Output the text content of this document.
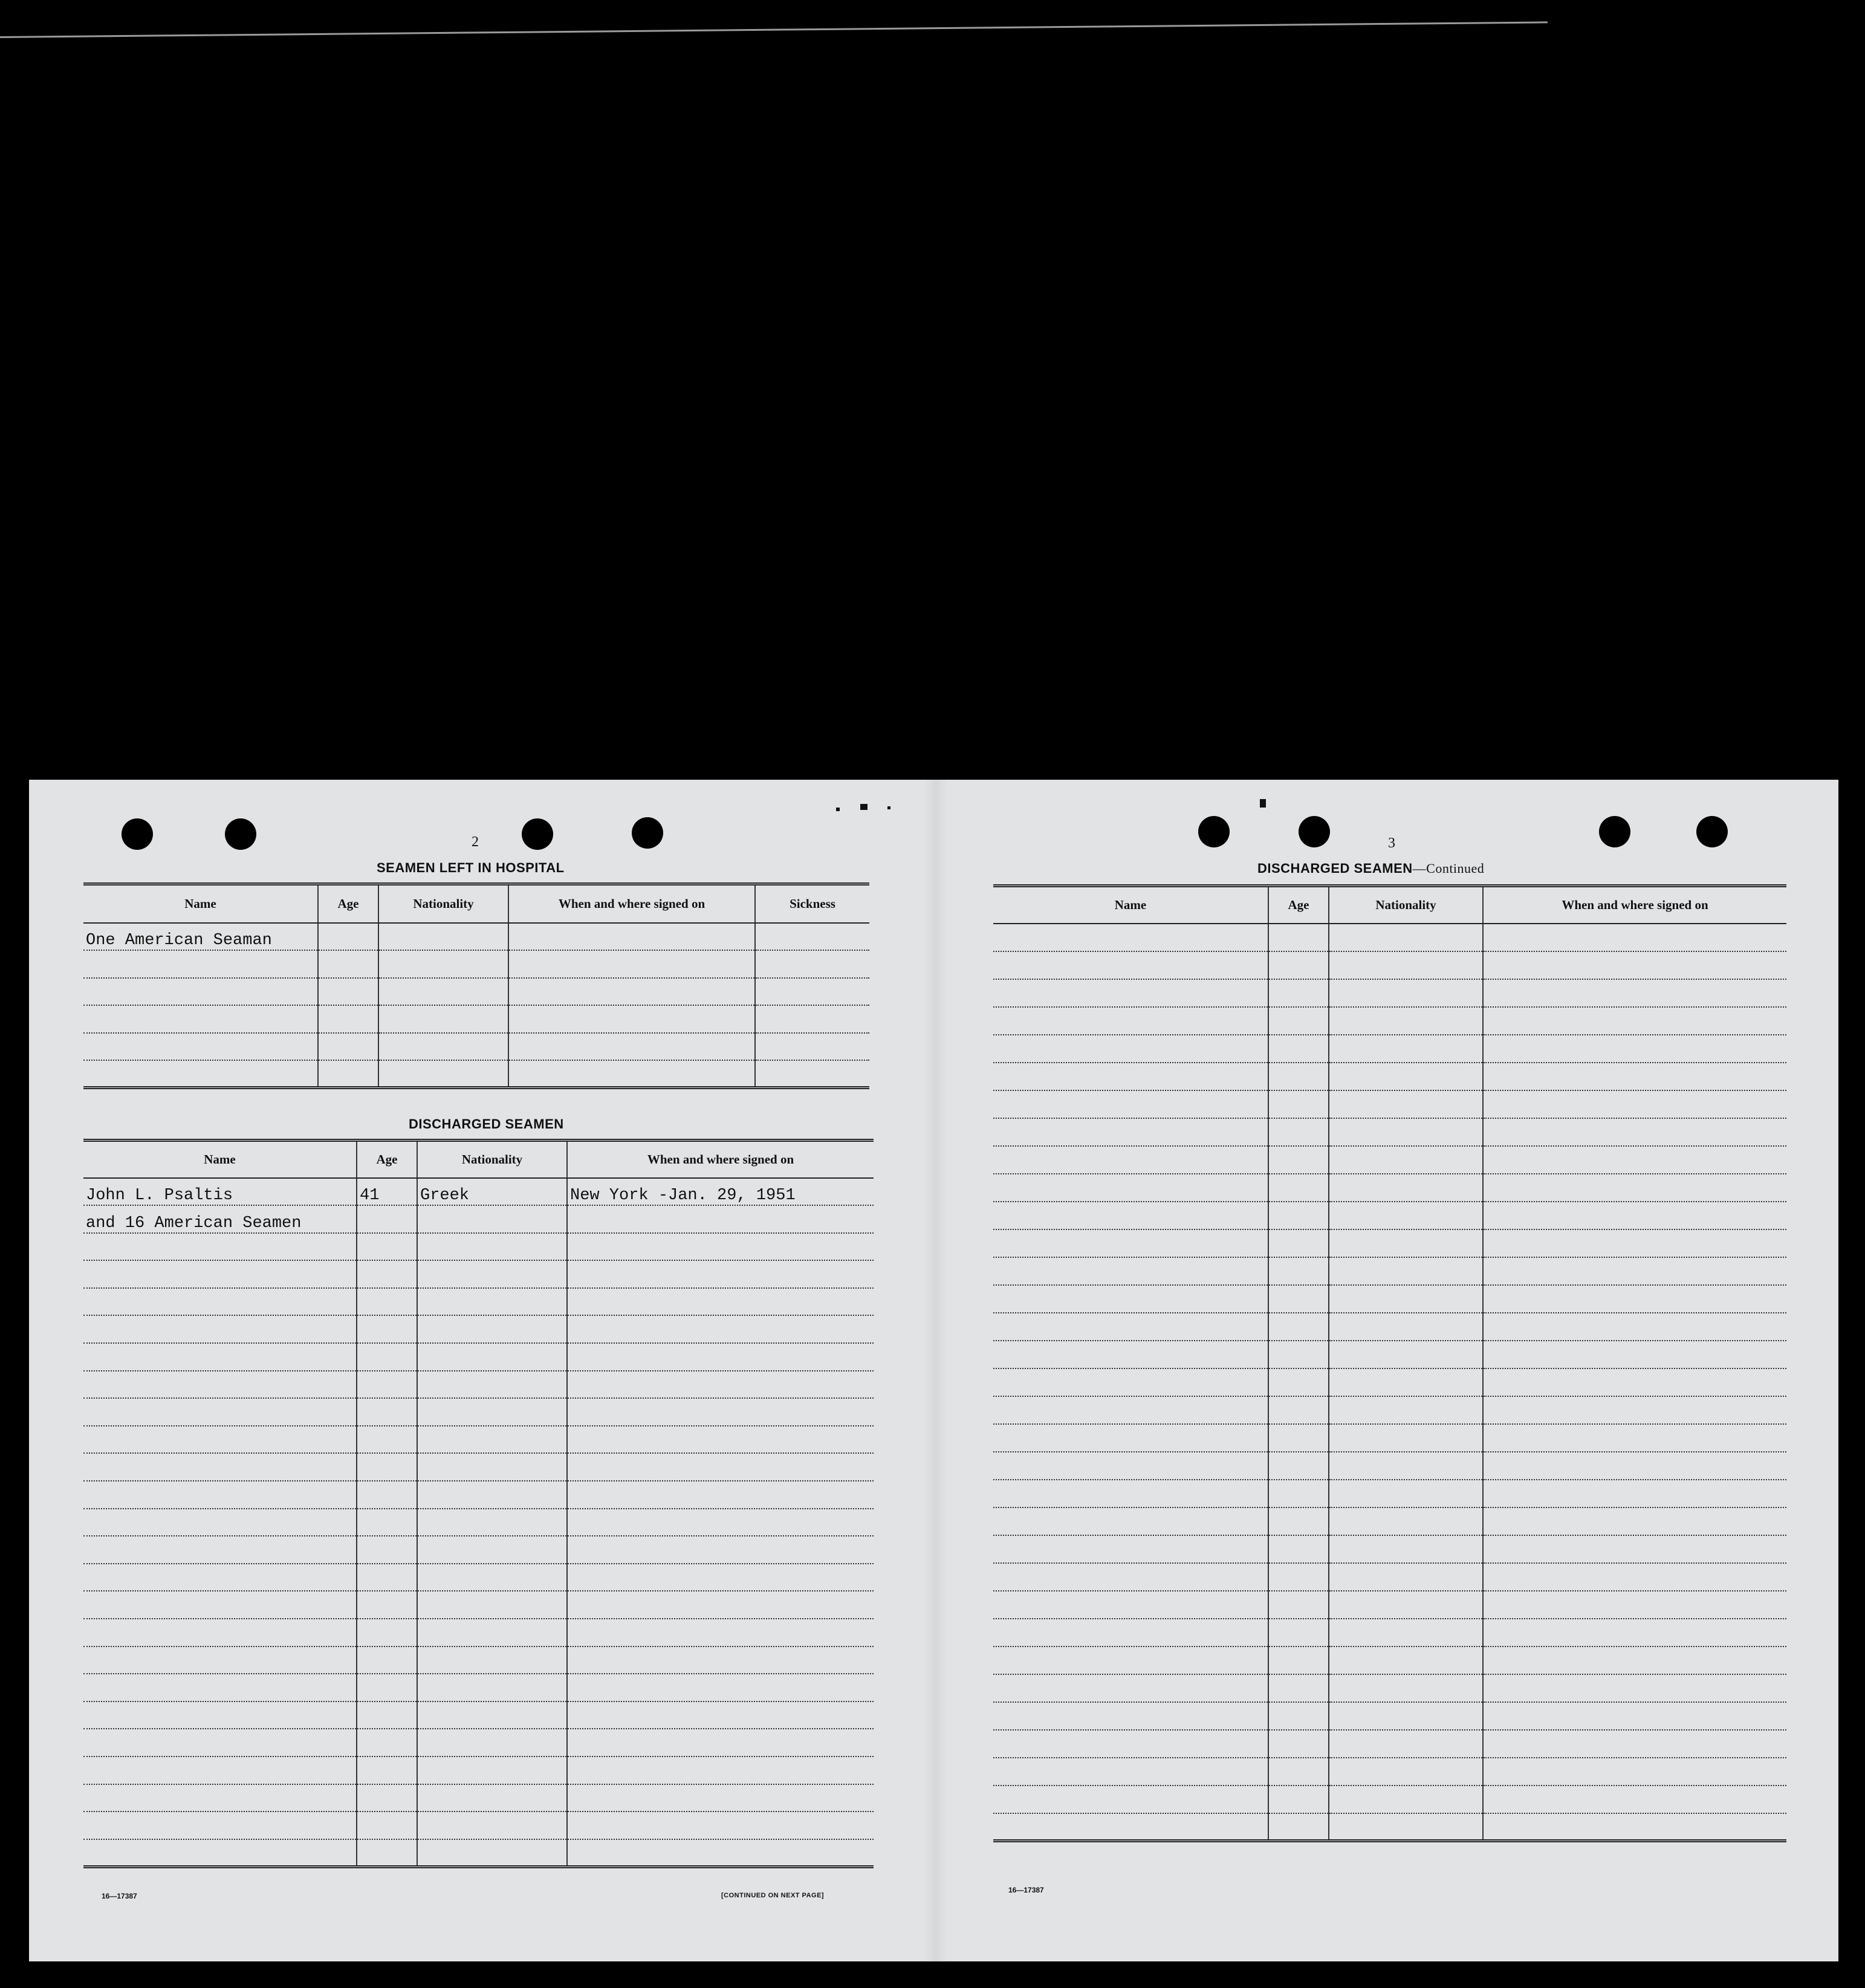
2
SEAMEN LEFT IN HOSPITAL
Name	Age	Nationality	When and where signed on	Sickness
One American Seaman				

DISCHARGED SEAMEN
Name	Age	Nationality	When and where signed on
John L. Psaltis	41	Greek	New York -Jan. 29, 1951
and 16 American Seamen			

16—17387	[CONTINUED ON NEXT PAGE]
3
DISCHARGED SEAMEN—Continued
Name	Age	Nationality	When and where signed on

16—17387
